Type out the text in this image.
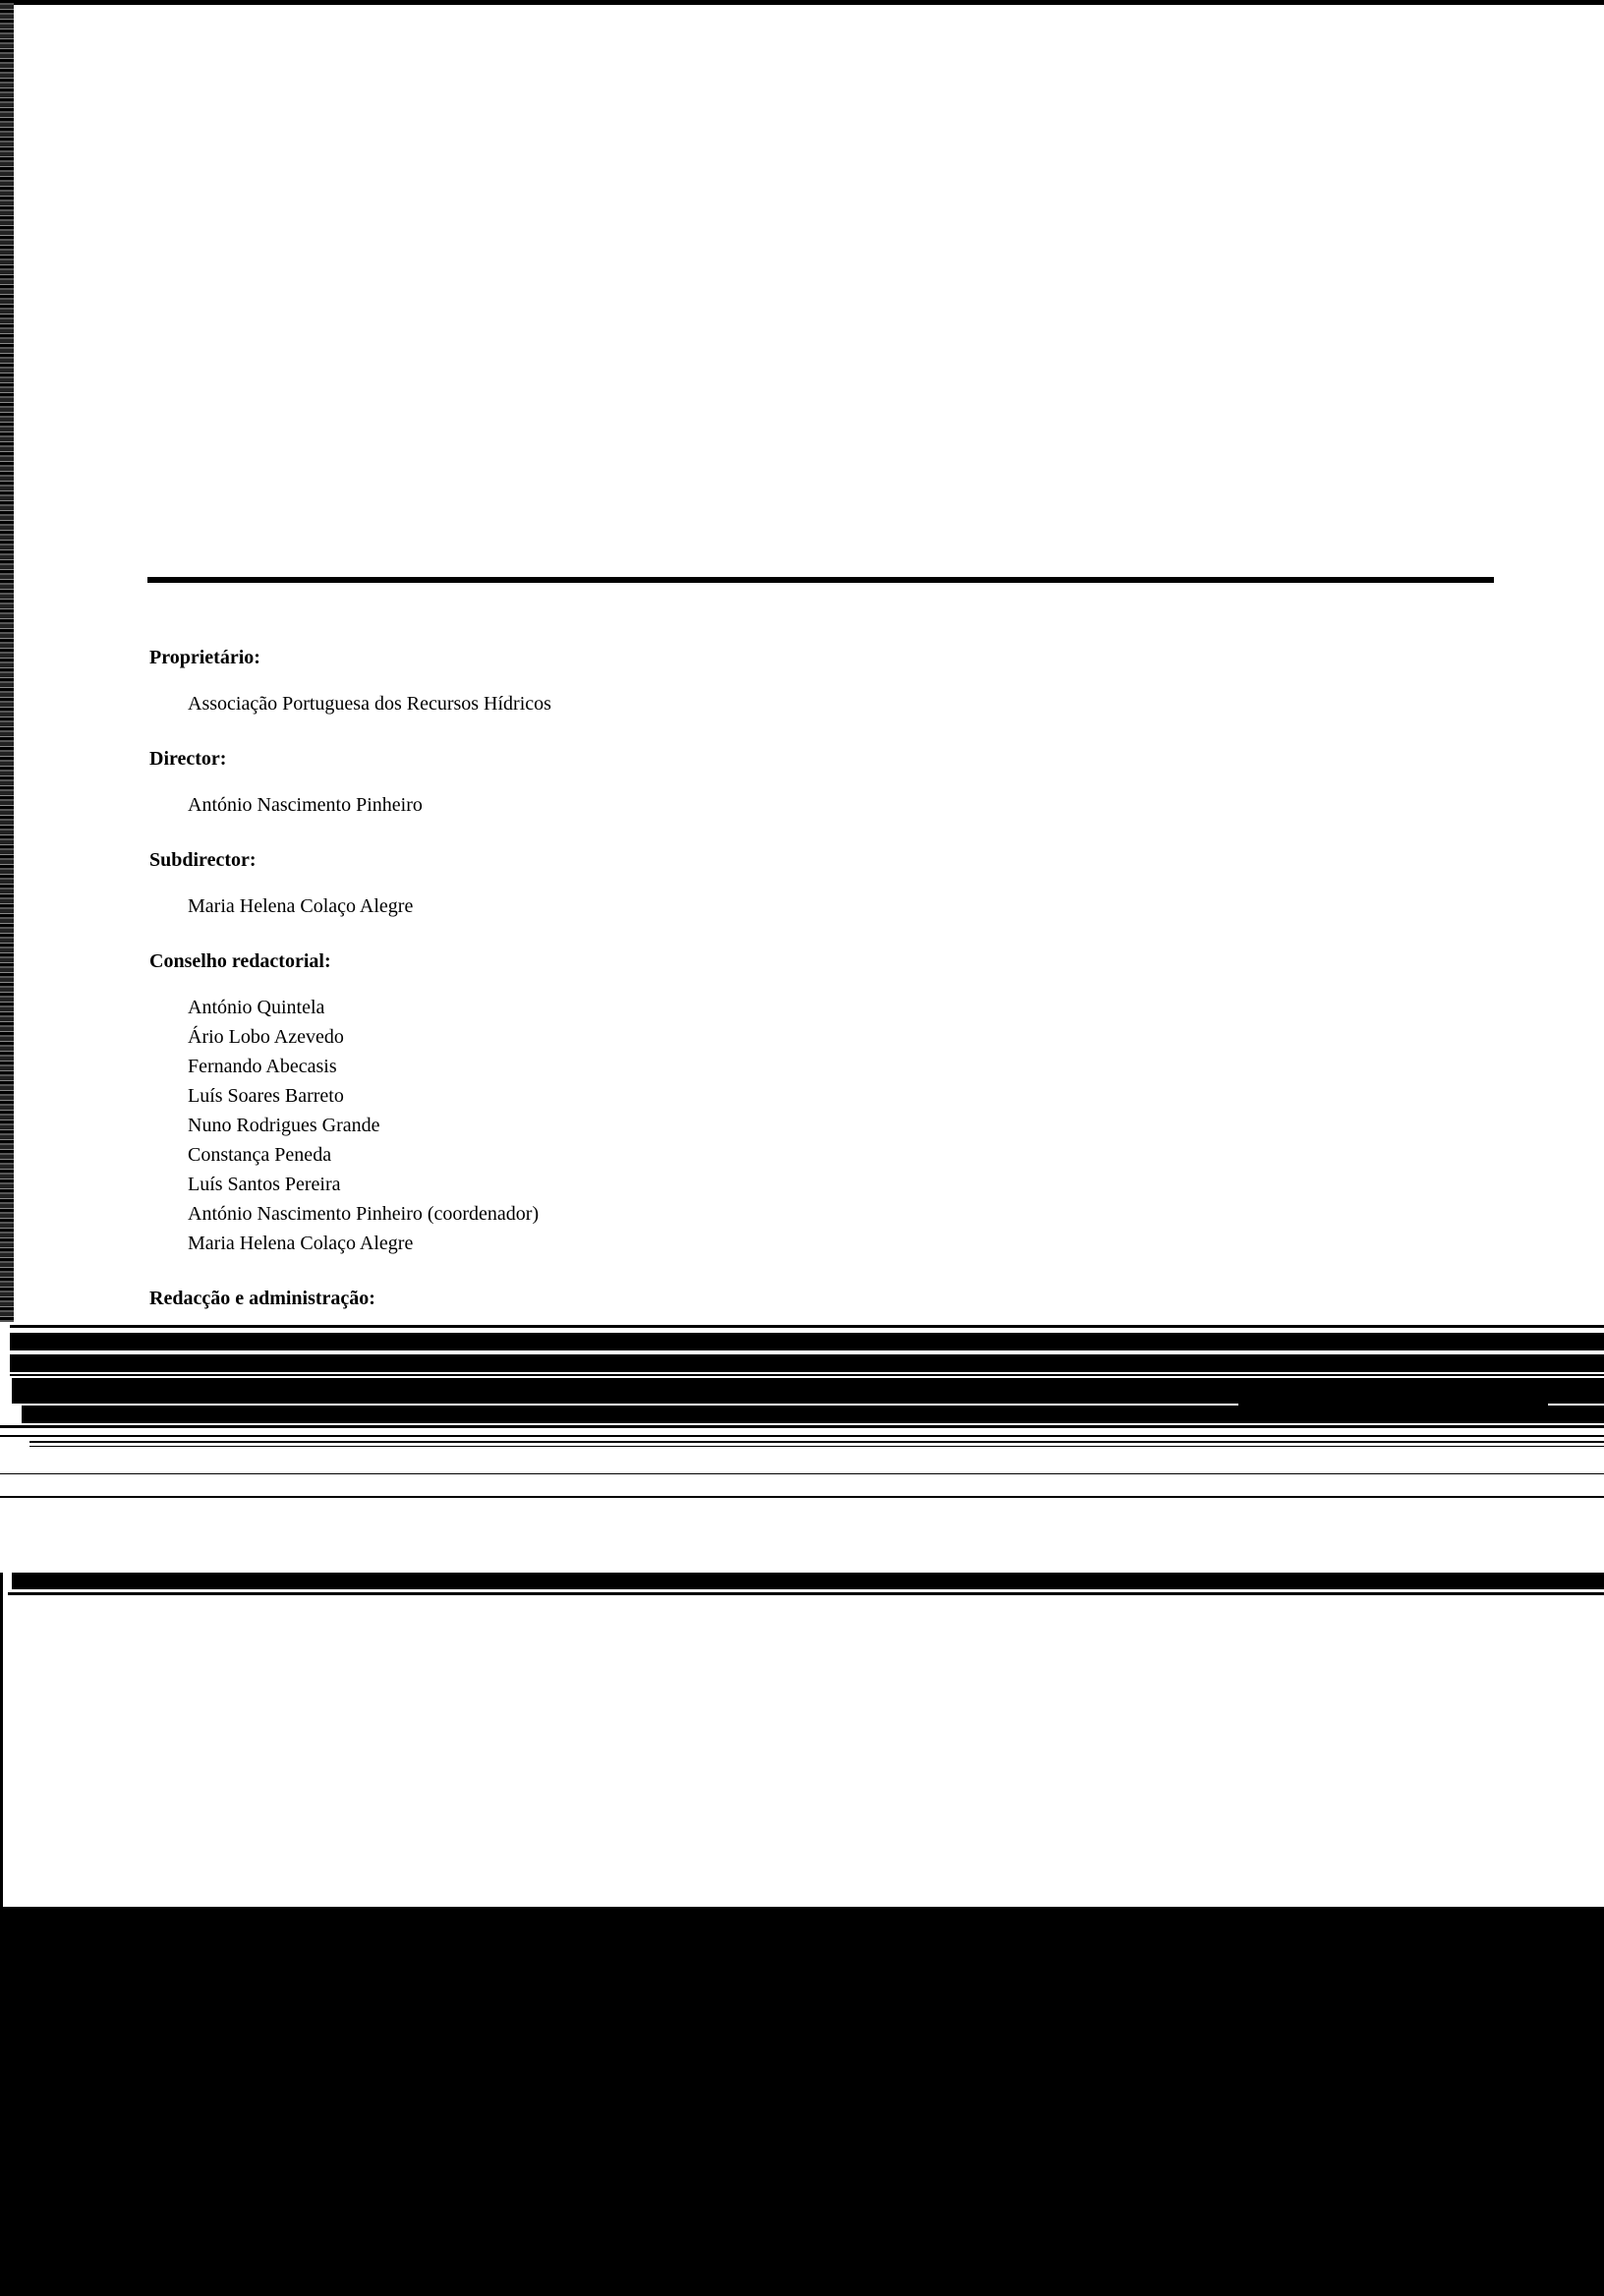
Proprietário:
Associação Portuguesa dos Recursos Hídricos
Director:
António Nascimento Pinheiro
Subdirector:
Maria Helena Colaço Alegre
Conselho redactorial:
António Quintela
Ário Lobo Azevedo
Fernando Abecasis
Luís Soares Barreto
Nuno Rodrigues Grande
Constança Peneda
Luís Santos Pereira
António Nascimento Pinheiro (coordenador)
Maria Helena Colaço Alegre
Redacção e administração:
